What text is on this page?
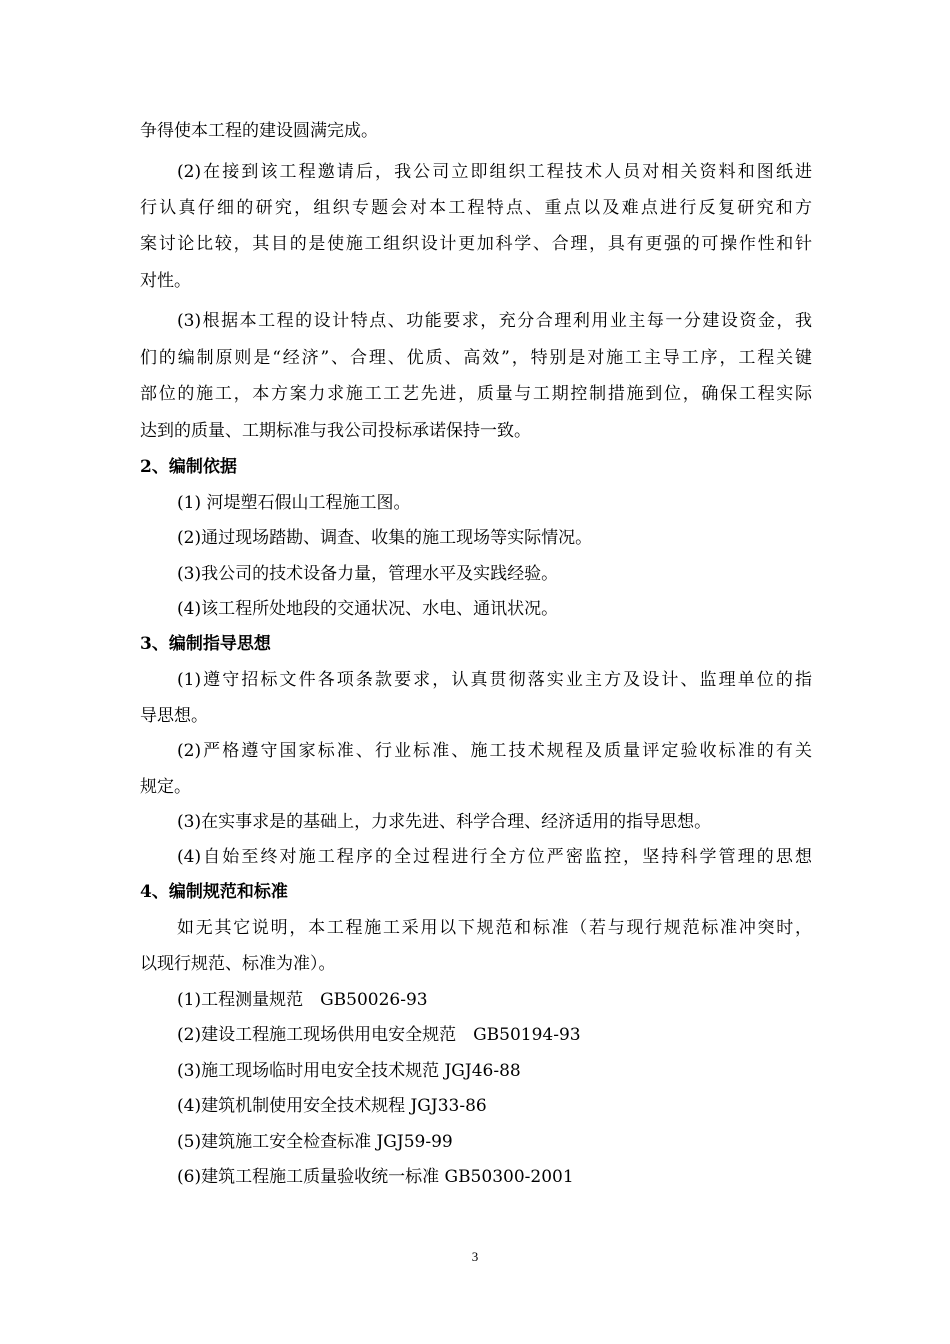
争得使本工程的建设圆满完成。
(2)在接到该工程邀请后，我公司立即组织工程技术人员对相关资料和图纸进
行认真仔细的研究，组织专题会对本工程特点、重点以及难点进行反复研究和方
案讨论比较，其目的是使施工组织设计更加科学、合理，具有更强的可操作性和针
对性。
(3)根据本工程的设计特点、功能要求，充分合理利用业主每一分建设资金，我
们的编制原则是“经济”、合理、优质、高效”，特别是对施工主导工序，工程关键
部位的施工，本方案力求施工工艺先进，质量与工期控制措施到位，确保工程实际
达到的质量、工期标准与我公司投标承诺保持一致。
2、编制依据
(1) 河堤塑石假山工程施工图。
(2)通过现场踏勘、调查、收集的施工现场等实际情况。
(3)我公司的技术设备力量，管理水平及实践经验。
(4)该工程所处地段的交通状况、水电、通讯状况。
3、编制指导思想
(1)遵守招标文件各项条款要求，认真贯彻落实业主方及设计、监理单位的指
导思想。
(2)严格遵守国家标准、行业标准、施工技术规程及质量评定验收标准的有关
规定。
(3)在实事求是的基础上，力求先进、科学合理、经济适用的指导思想。
(4)自始至终对施工程序的全过程进行全方位严密监控，坚持科学管理的思想
4、编制规范和标准
如无其它说明，本工程施工采用以下规范和标准（若与现行规范标准冲突时，
以现行规范、标准为准）。
(1)工程测量规范　GB50026-93
(2)建设工程施工现场供用电安全规范　GB50194-93
(3)施工现场临时用电安全技术规范 JGJ46-88
(4)建筑机制使用安全技术规程 JGJ33-86
(5)建筑施工安全检查标准 JGJ59-99
(6)建筑工程施工质量验收统一标准 GB50300-2001
3
